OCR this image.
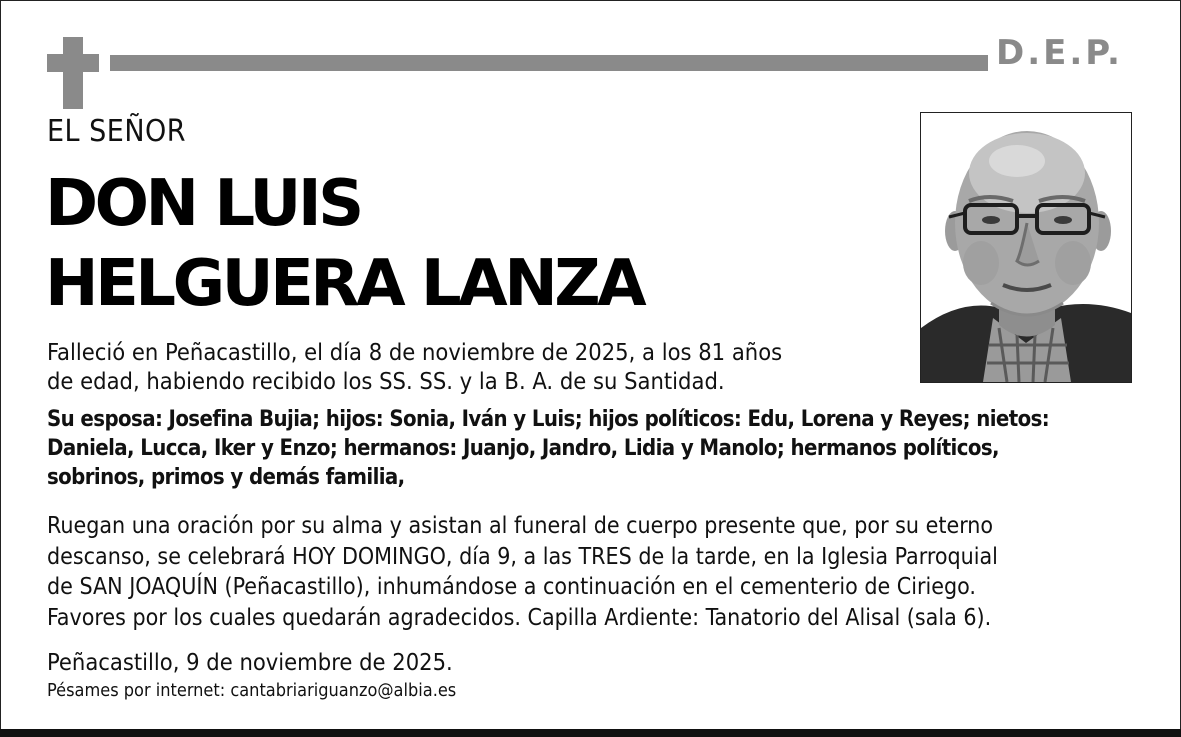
D.E.P.
EL SEÑOR
DON LUIS
HELGUERA LANZA
Falleció en Peñacastillo, el día 8 de noviembre de 2025, a los 81 años
de edad, habiendo recibido los SS. SS. y la B. A. de su Santidad.
Su esposa: Josefina Bujia; hijos: Sonia, Iván y Luis; hijos políticos: Edu, Lorena y Reyes; nietos:
Daniela, Lucca, Iker y Enzo; hermanos: Juanjo, Jandro, Lidia y Manolo; hermanos políticos,
sobrinos, primos y demás familia,
Ruegan una oración por su alma y asistan al funeral de cuerpo presente que, por su eterno
descanso, se celebrará HOY DOMINGO, día 9, a las TRES de la tarde, en la Iglesia Parroquial
de SAN JOAQUÍN (Peñacastillo), inhumándose a continuación en el cementerio de Ciriego.
Favores por los cuales quedarán agradecidos. Capilla Ardiente: Tanatorio del Alisal (sala 6).
Peñacastillo, 9 de noviembre de 2025.
Pésames por internet: cantabriariguanzo@albia.es
